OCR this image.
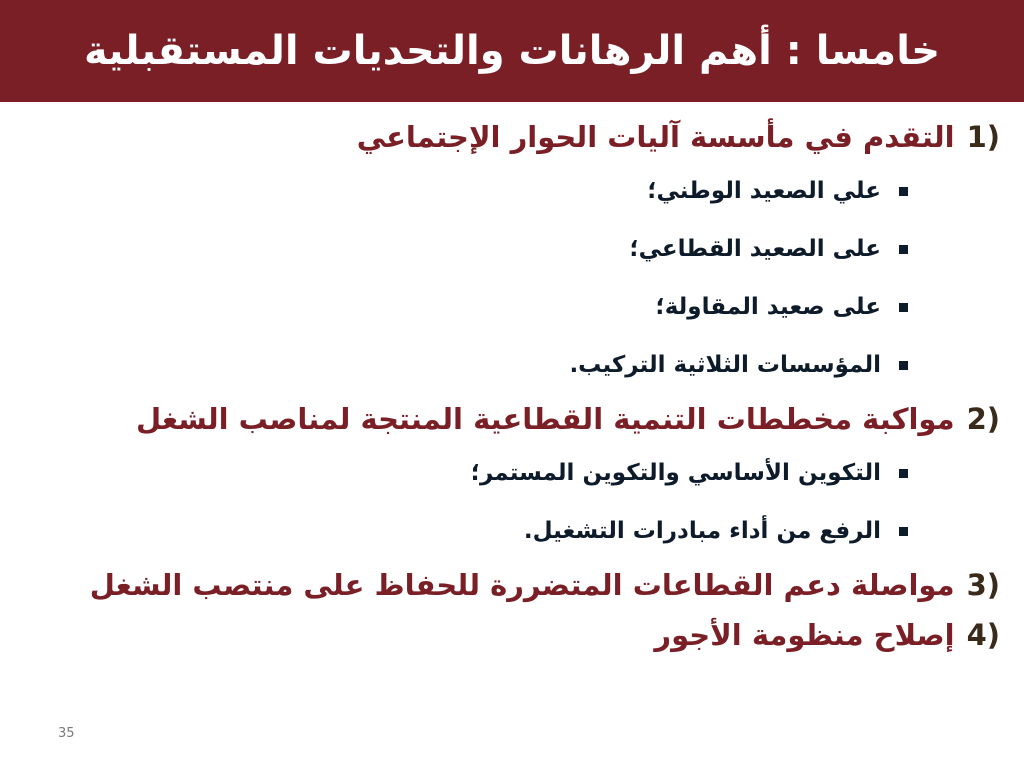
خامسا : أهم الرهانات والتحديات المستقبلية
1)
التقدم في مأسسة آليات الحوار الإجتماعي
علي الصعيد الوطني؛
على الصعيد القطاعي؛
على صعيد المقاولة؛
المؤسسات الثلاثية التركيب.
2)
مواكبة مخططات التنمية القطاعية المنتجة لمناصب الشغل
التكوين الأساسي والتكوين المستمر؛
الرفع من أداء مبادرات التشغيل.
3)
مواصلة دعم القطاعات المتضررة للحفاظ على منتصب الشغل
4)
إصلاح منظومة الأجور
35
